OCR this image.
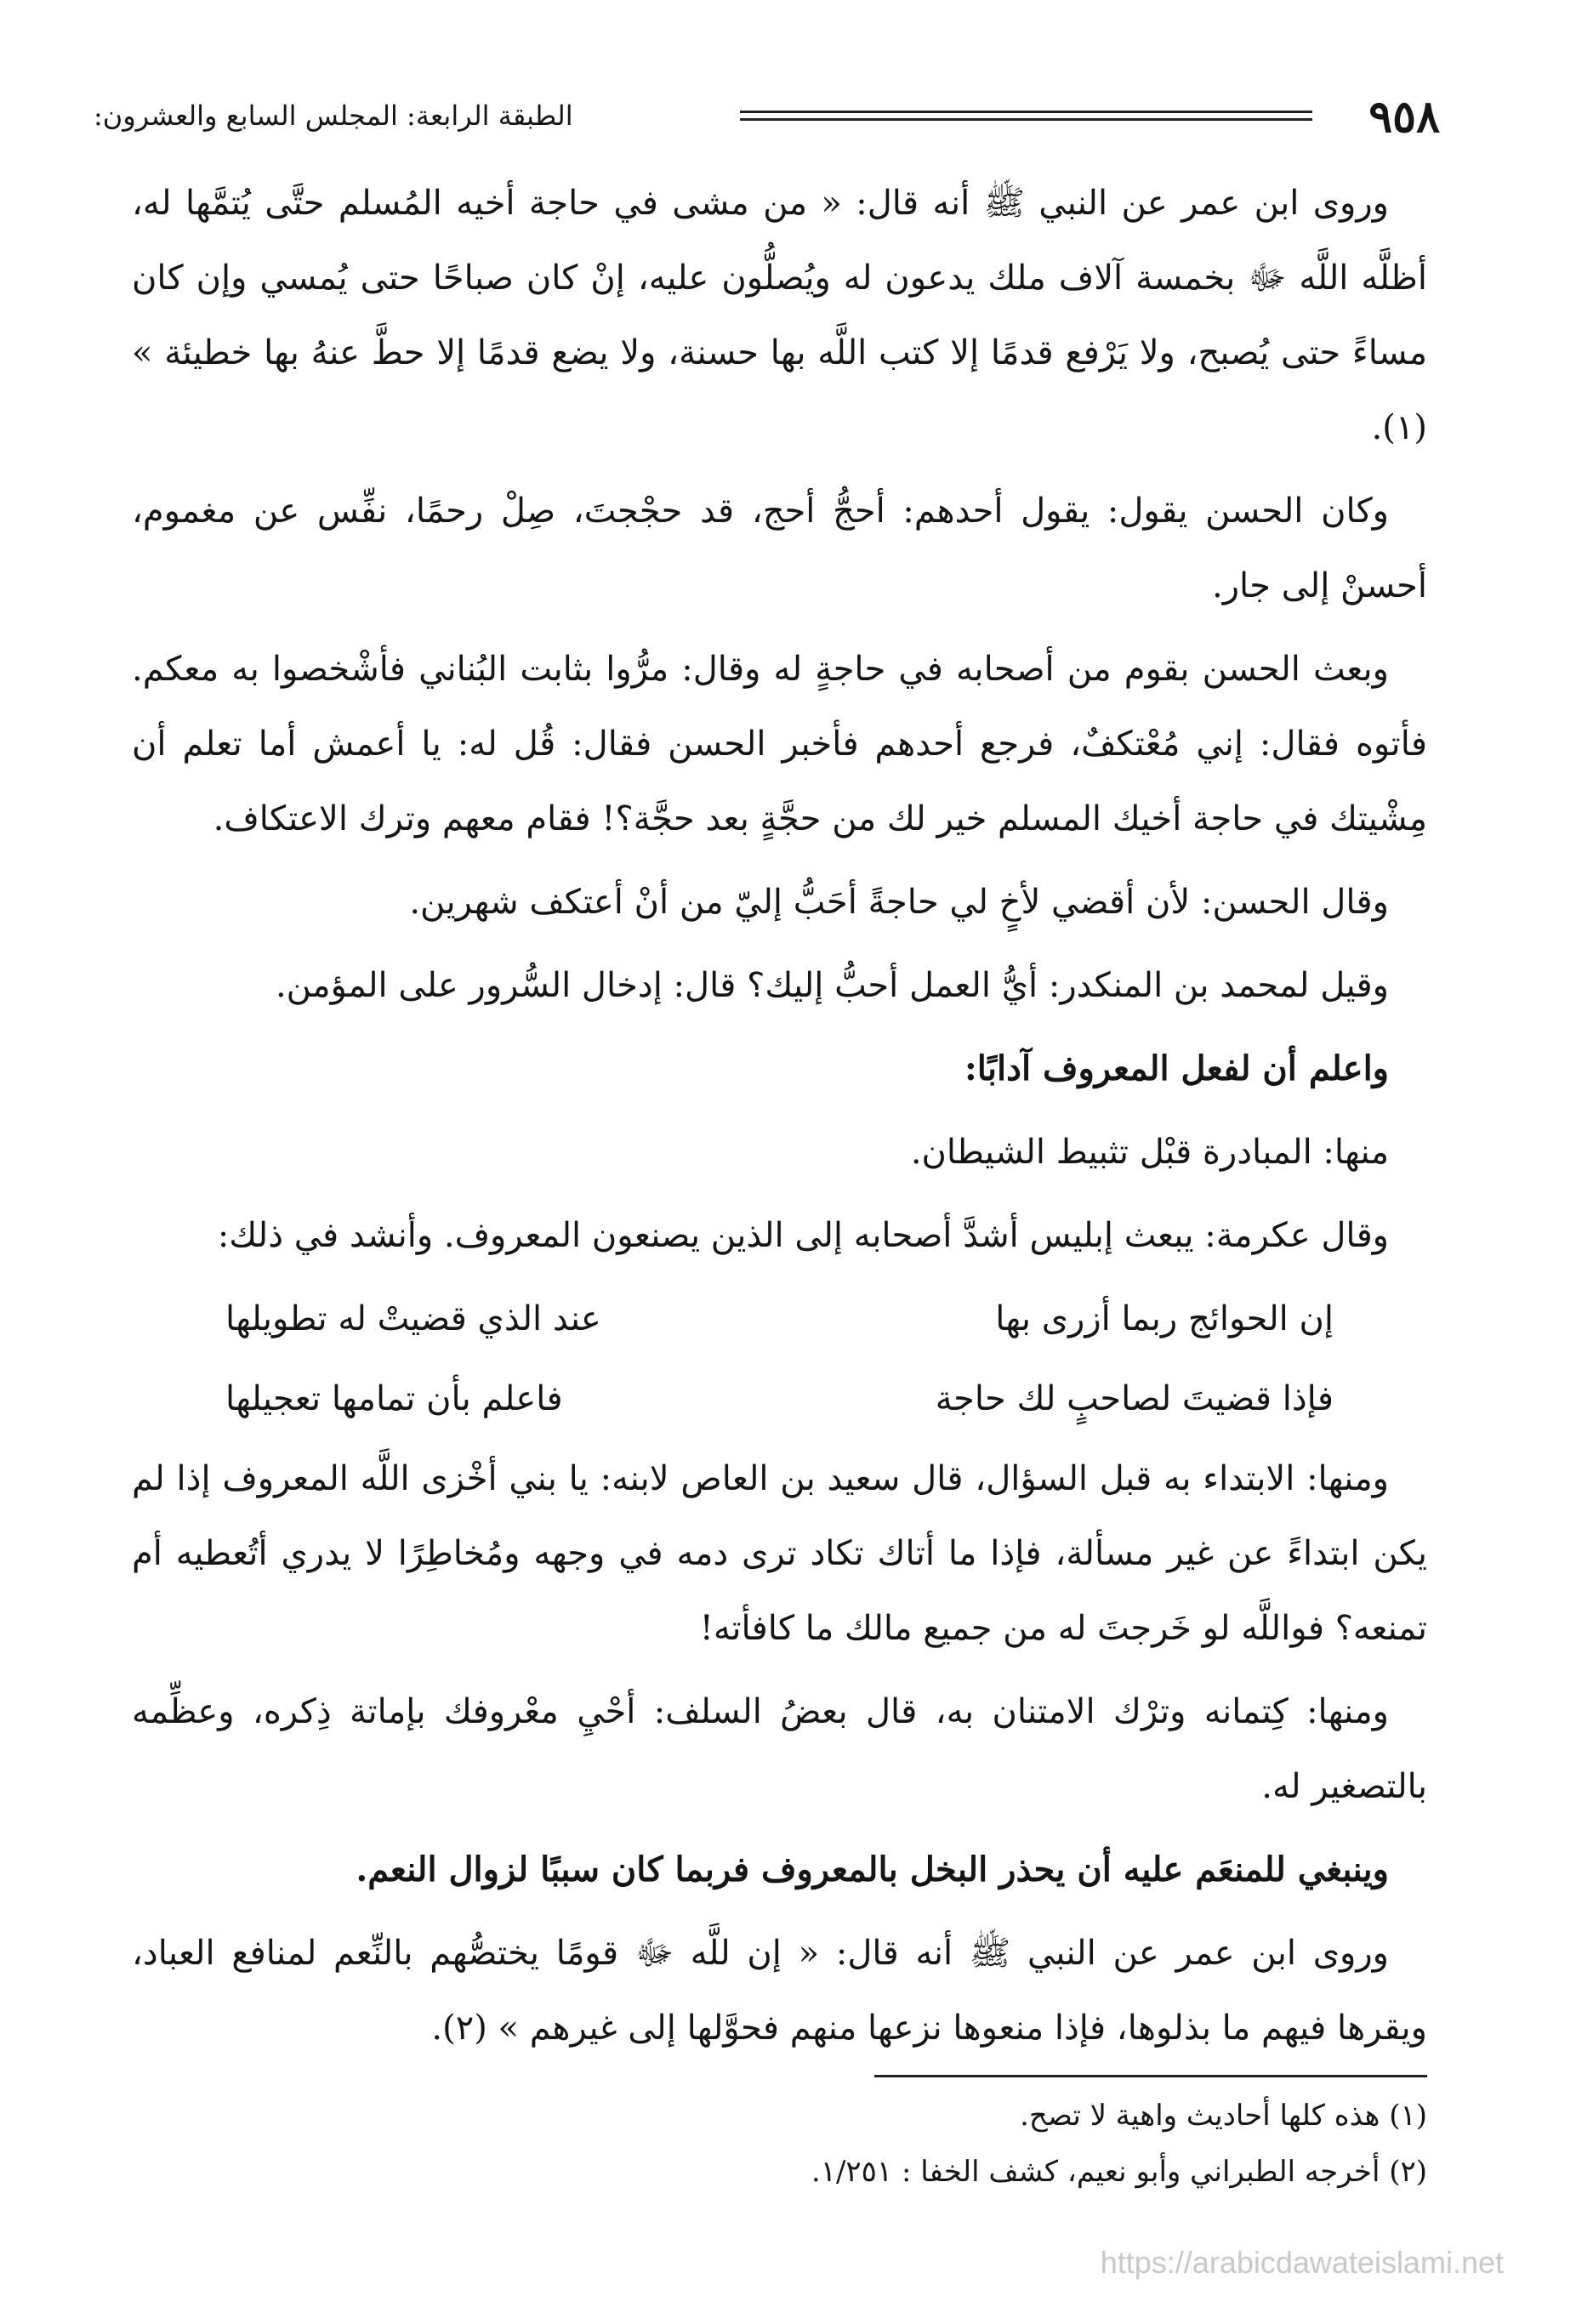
٩٥٨
الطبقة الرابعة: المجلس السابع والعشرون:

وروى ابن عمر عن النبي ﷺ أنه قال: « من مشى في حاجة أخيه المُسلم حتَّى يُتمَّها له، أظلَّه اللَّه ﷻ بخمسة آلاف ملك يدعون له ويُصلُّون عليه، إنْ كان صباحًا حتى يُمسي وإن كان مساءً حتى يُصبح، ولا يَرْفع قدمًا إلا كتب اللَّه بها حسنة، ولا يضع قدمًا إلا حطَّ عنهُ بها خطيئة » (١).

وكان الحسن يقول: يقول أحدهم: أحجُّ أحج، قد حجْجتَ، صِلْ رحمًا، نفِّس عن مغموم، أحسنْ إلى جار.

وبعث الحسن بقوم من أصحابه في حاجةٍ له وقال: مرُّوا بثابت البُناني فأشْخصوا به معكم. فأتوه فقال: إني مُعْتكفٌ، فرجع أحدهم فأخبر الحسن فقال: قُل له: يا أعمش أما تعلم أن مِشْيتك في حاجة أخيك المسلم خير لك من حجَّةٍ بعد حجَّة؟! فقام معهم وترك الاعتكاف.

وقال الحسن: لأن أقضي لأخٍ لي حاجةً أحَبُّ إليّ من أنْ أعتكف شهرين.

وقيل لمحمد بن المنكدر: أيُّ العمل أحبُّ إليك؟ قال: إدخال السُّرور على المؤمن.

واعلم أن لفعل المعروف آدابًا:

منها: المبادرة قبْل تثبيط الشيطان.

وقال عكرمة: يبعث إبليس أشدَّ أصحابه إلى الذين يصنعون المعروف. وأنشد في ذلك:

إن الحوائج ربما أزرى بها
عند الذي قضيتْ له تطويلها
فإذا قضيتَ لصاحبٍ لك حاجة
فاعلم بأن تمامها تعجيلها

ومنها: الابتداء به قبل السؤال، قال سعيد بن العاص لابنه: يا بني أخْزى اللَّه المعروف إذا لم يكن ابتداءً عن غير مسألة، فإذا ما أتاك تكاد ترى دمه في وجهه ومُخاطِرًا لا يدري أتُعطيه أم تمنعه؟ فواللَّه لو خَرجتَ له من جميع مالك ما كافأته!

ومنها: كِتمانه وترْك الامتنان به، قال بعضُ السلف: أحْيِ معْروفك بإماتة ذِكره، وعظِّمه بالتصغير له.

وينبغي للمنعَم عليه أن يحذر البخل بالمعروف فربما كان سببًا لزوال النعم.

وروى ابن عمر عن النبي ﷺ أنه قال: « إن للَّه ﷻ قومًا يختصُّهم بالنِّعم لمنافع العباد، ويقرها فيهم ما بذلوها، فإذا منعوها نزعها منهم فحوَّلها إلى غيرهم » (٢).

(١) هذه كلها أحاديث واهية لا تصح.
(٢) أخرجه الطبراني وأبو نعيم، كشف الخفا : ١/٢٥١.
https://arabicdawateislami.net
